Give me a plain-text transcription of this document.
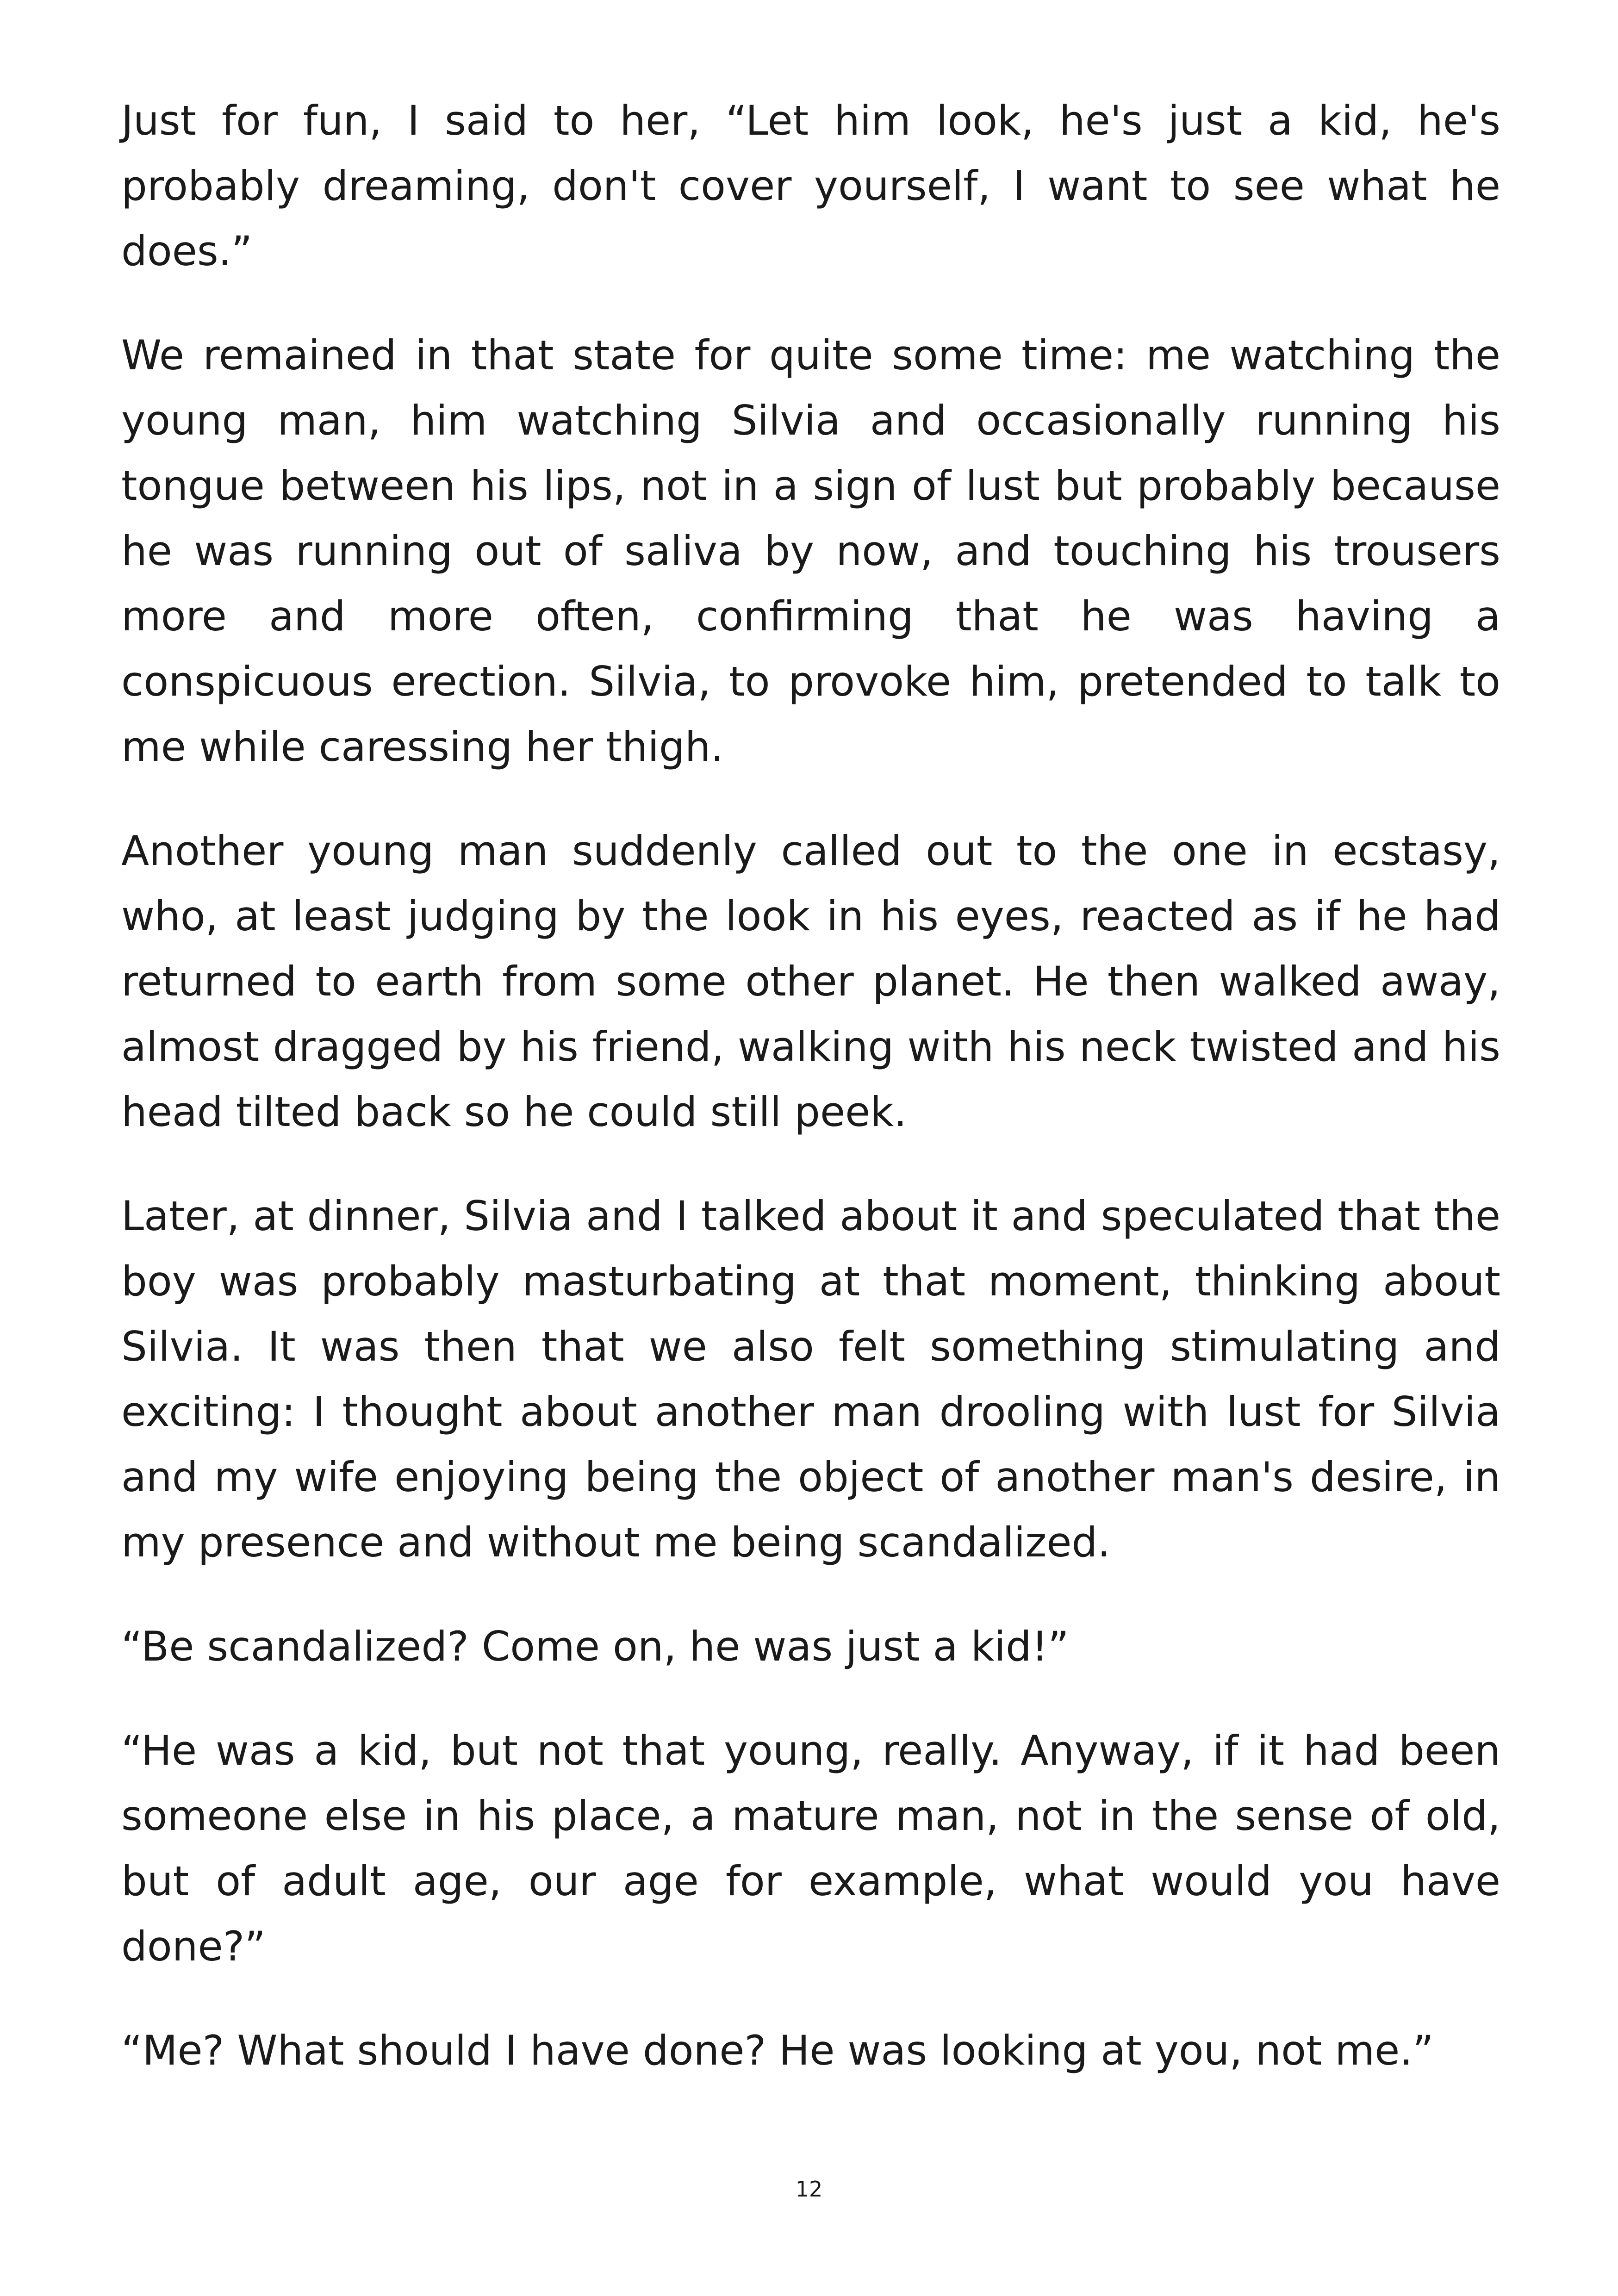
Just for fun, I said to her, “Let him look, he's just a kid, he's probably dreaming, don't cover yourself, I want to see what he does.”

We remained in that state for quite some time: me watching the young man, him watching Silvia and occasionally running his tongue between his lips, not in a sign of lust but probably because he was running out of saliva by now, and touching his trousers more and more often, confirming that he was having a conspicuous erection. Silvia, to provoke him, pretended to talk to me while caressing her thigh.

Another young man suddenly called out to the one in ecstasy, who, at least judging by the look in his eyes, reacted as if he had returned to earth from some other planet. He then walked away, almost dragged by his friend, walking with his neck twisted and his head tilted back so he could still peek.

Later, at dinner, Silvia and I talked about it and speculated that the boy was probably masturbating at that moment, thinking about Silvia. It was then that we also felt something stimulating and exciting: I thought about another man drooling with lust for Silvia and my wife enjoying being the object of another man's desire, in my presence and without me being scandalized.

“Be scandalized? Come on, he was just a kid!”

“He was a kid, but not that young, really. Anyway, if it had been someone else in his place, a mature man, not in the sense of old, but of adult age, our age for example, what would you have done?”

“Me? What should I have done? He was looking at you, not me.”

12
